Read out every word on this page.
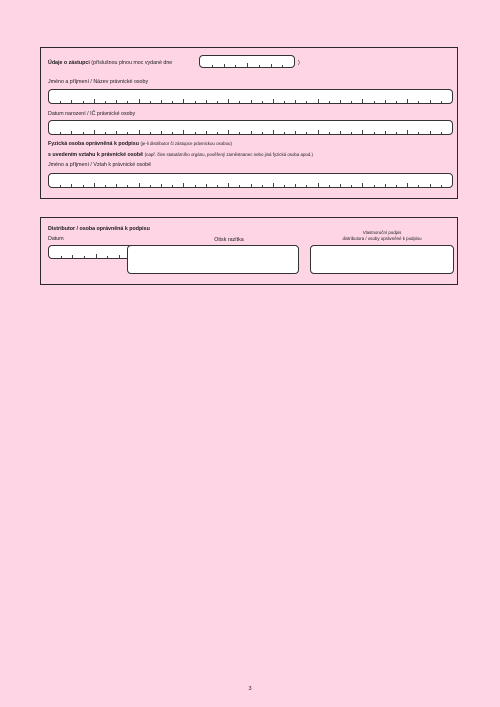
Údaje o zástupci (příslušnou plnou moc vydané dne	)
Jméno a příjmení / Název právnické osoby
Datum narození / IČ právnické osoby
Fyzická osoba oprávněná k podpisu (je-li distributor či zástupce právnickou osobou)
s uvedením vztahu k právnické osobě (např. člen statutárního orgánu, pověřený zaměstnanec nebo jiná fyzická osoba apod.)
Jméno a příjmení / Vztah k právnické osobě
Distributor / osoba oprávněná k podpisu
Datum	Otisk razítka
Vlastnoruční podpis
distributora / osoby oprávněné k podpisu
3
